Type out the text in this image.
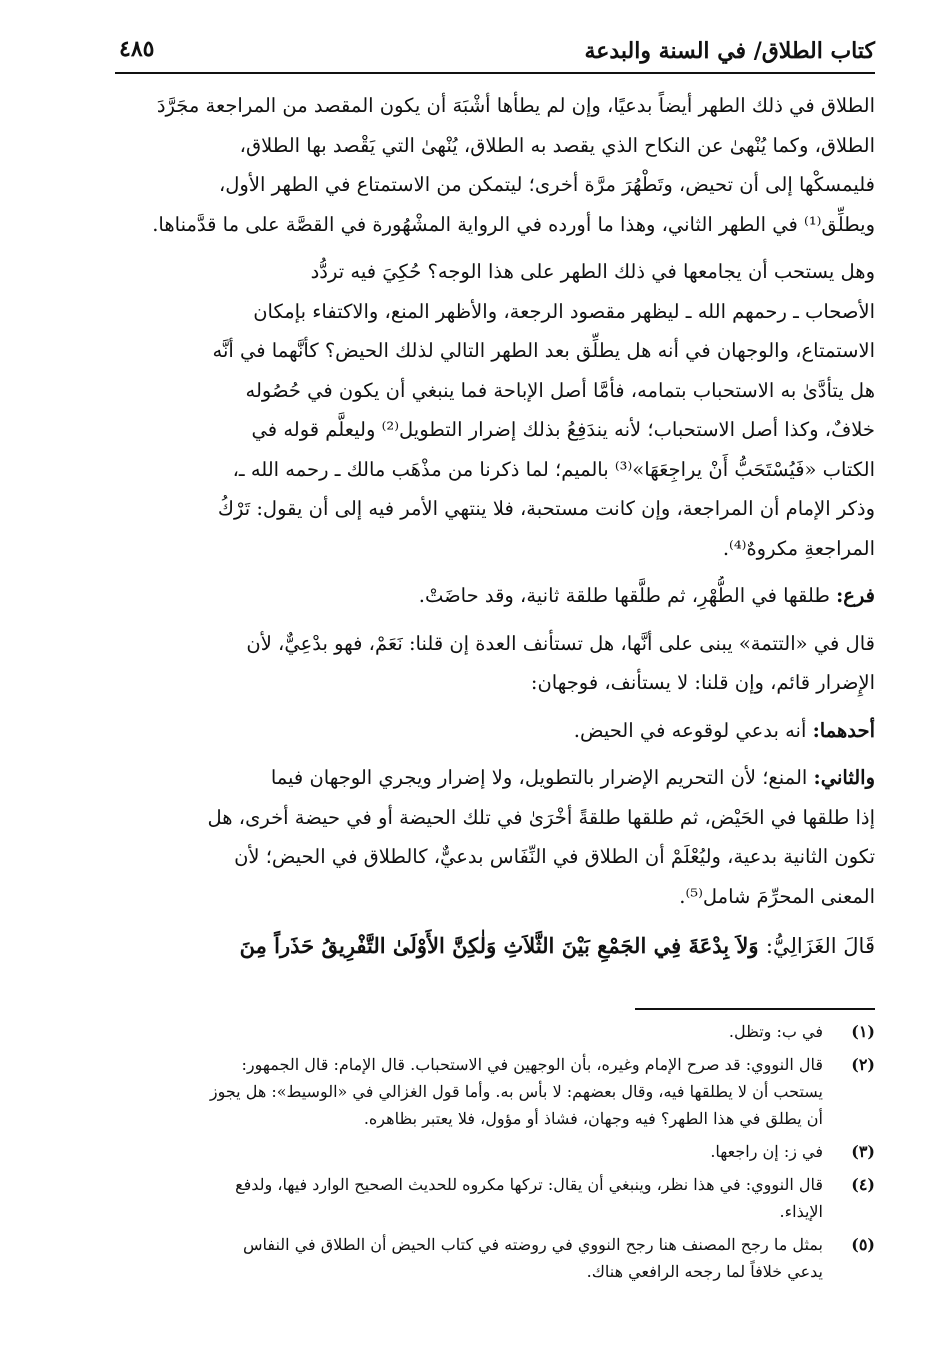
كتاب الطلاق/ في السنة والبدعة
٤٨٥
الطلاق في ذلك الطهر أيضاً بدعيًا، وإن لم يطأها أشْبَهَ أن يكون المقصد من المراجعة مجَرَّدَ
الطلاق، وكما يُنْهىٰ عن النكاح الذي يقصد به الطلاق، يُنْهىٰ التي يَقْصد بها الطلاق،
فليمسكْها إلى أن تحيض، وتَطْهُرَ مرَّة أخرى؛ ليتمكن من الاستمتاع في الطهر الأول،
ويطلِّق⁽¹⁾ في الطهر الثاني، وهذا ما أورده في الرواية المشْهُورة في القصَّة على ما قدَّمناها.
وهل يستحب أن يجامعها في ذلك الطهر على هذا الوجه؟ حُكِيَ فيه تردُّد
الأصحاب ـ رحمهم الله ـ ليظهر مقصود الرجعة، والأظهر المنع، والاكتفاء بإمكان
الاستمتاع، والوجهان في أنه هل يطلِّق بعد الطهر التالي لذلك الحيض؟ كأنَّهما في أنَّه
هل يتأدَّىٰ به الاستحباب بتمامه، فأمَّا أصل الإباحة فما ينبغي أن يكون في حُصُوله
خلافٌ، وكذا أصل الاستحباب؛ لأنه يندَفِعُ بذلك إضرار التطويل⁽²⁾ وليعلَّم قوله في
الكتاب «فَيُسْتَحَبُّ أَنْ يراجِعَهَا»⁽³⁾ بالميم؛ لما ذكرنا من مذْهَب مالك ـ رحمه الله ـ،
وذكر الإمام أن المراجعة، وإن كانت مستحبة، فلا ينتهي الأمر فيه إلى أن يقول: تَرْكُ
المراجعةِ مكروهٌ⁽⁴⁾.
فرع: طلقها في الطُّهْرِ، ثم طلَّقها طلقة ثانية، وقد حاضَتْ.
قال في «التتمة» يبنى على أنَّها، هل تستأنف العدة إن قلنا: نَعَمْ، فهو بدْعِيٌّ، لأن
الإِضرار قائم، وإن قلنا: لا يستأنف، فوجهان:
أحدهما: أنه بدعي لوقوعه في الحيض.
والثاني: المنع؛ لأن التحريم الإضرار بالتطويل، ولا إضرار ويجري الوجهان فيما
إذا طلقها في الحَيْض، ثم طلقها طلقةً أخْرَىٰ في تلك الحيضة أو في حيضة أخرى، هل
تكون الثانية بدعية، وليُعْلَمْ أن الطلاق في النِّفَاس بدعيٌّ، كالطلاق في الحيض؛ لأن
المعنى المحرِّمَ شامل⁽⁵⁾.
قَالَ الغَزَالِيُّ: وَلاَ بِدْعَةَ فِي الجَمْعِ بَيْنَ الثَّلاَثِ وَلٰكِنَّ الأَوْلَىٰ التَّفْرِيقُ حَذَراً مِنَ
(١)
في ب: وتظل.
(٢)
قال النووي: قد صرح الإمام وغيره، بأن الوجهين في الاستحباب. قال الإمام: قال الجمهور:
يستحب أن لا يطلقها فيه، وقال بعضهم: لا بأس به. وأما قول الغزالي في «الوسيط»: هل يجوز
أن يطلق في هذا الطهر؟ فيه وجهان، فشاذ أو مؤول، فلا يعتبر بظاهره.
(٣)
في ز: إن راجعها.
(٤)
قال النووي: في هذا نظر، وينبغي أن يقال: تركها مكروه للحديث الصحيح الوارد فيها، ولدفع
الإيذاء.
(٥)
بمثل ما رجح المصنف هنا رجح النووي في روضته في كتاب الحيض أن الطلاق في النفاس
يدعي خلافاً لما رجحه الرافعي هناك.
